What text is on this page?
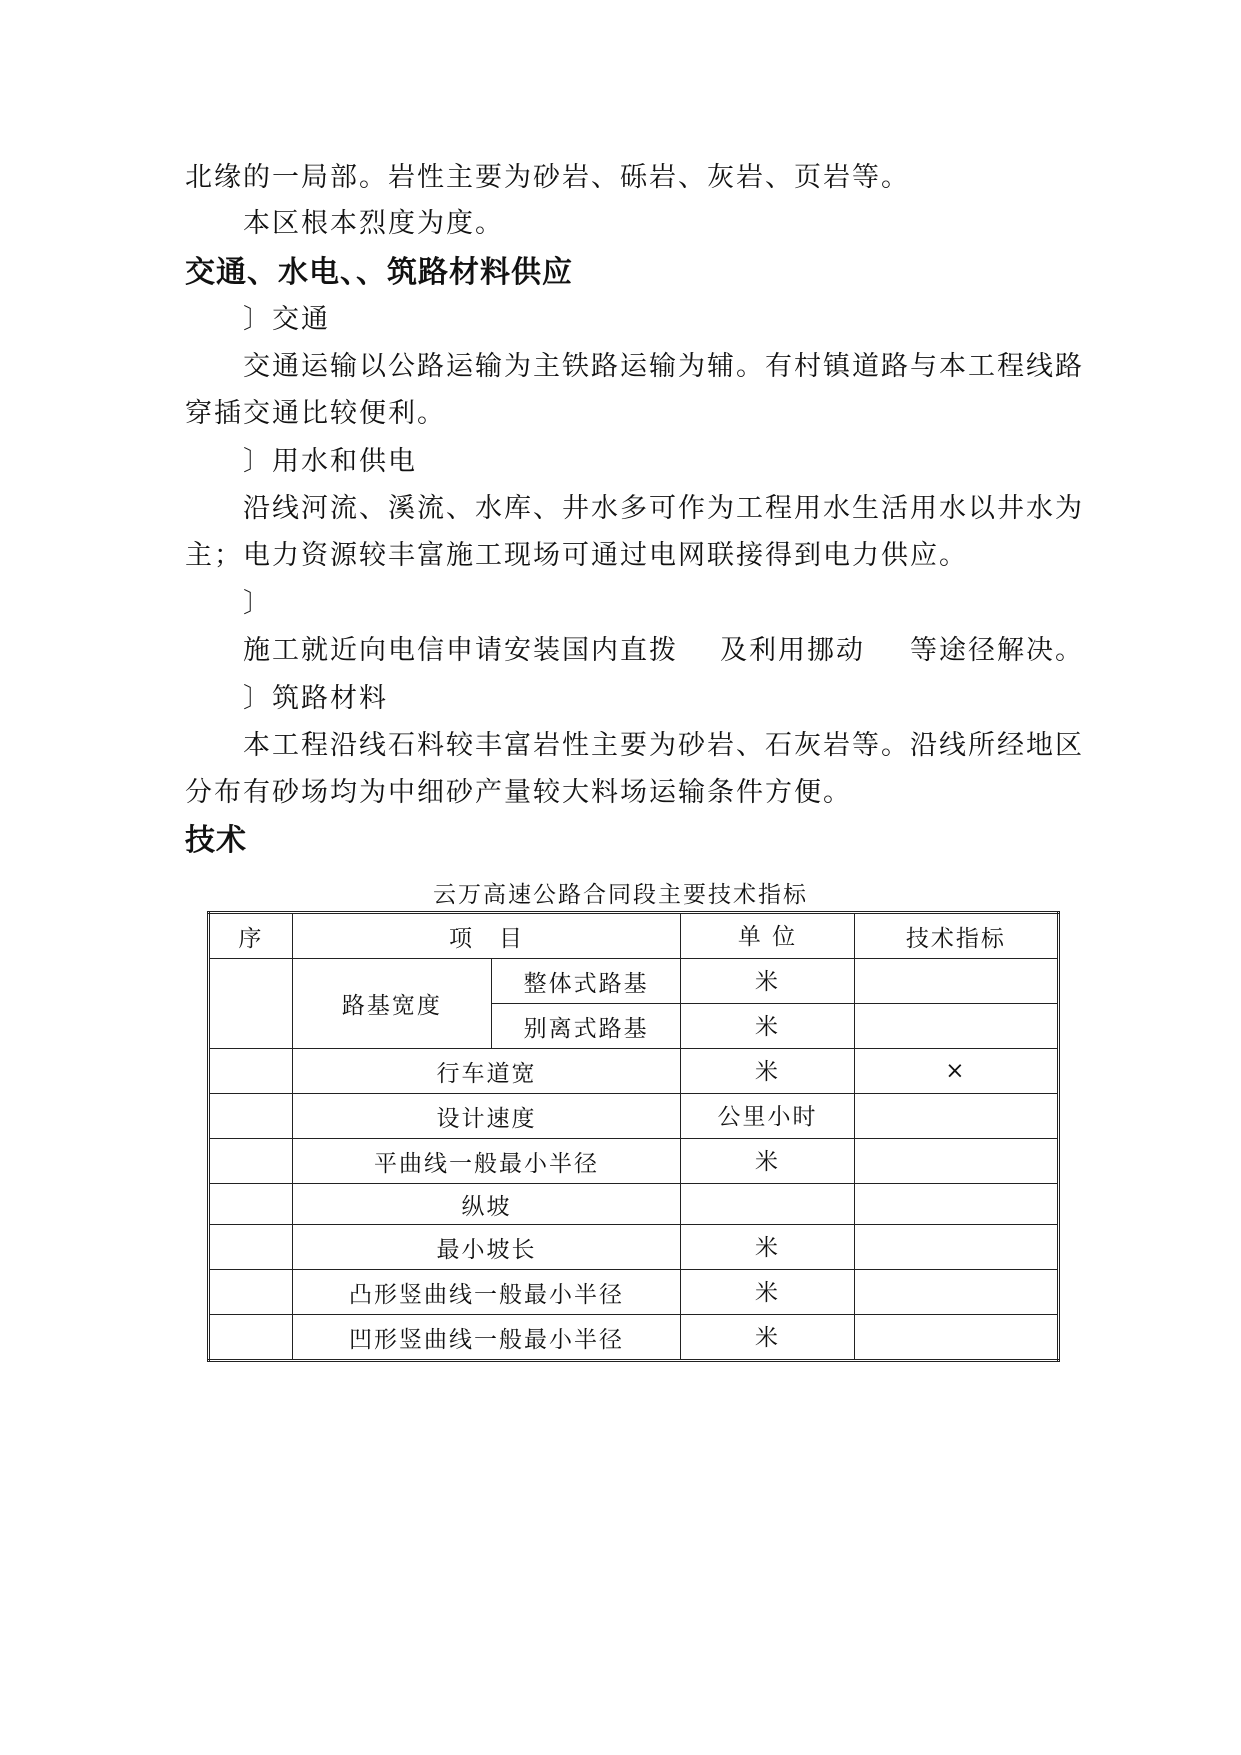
北缘的一局部。岩性主要为砂岩、砾岩、灰岩、页岩等。
本区根本烈度为度。
交通、水电、、筑路材料供应
〕交通
交通运输以公路运输为主铁路运输为辅。有村镇道路与本工程线路
穿插交通比较便利。
〕用水和供电
沿线河流、溪流、水库、井水多可作为工程用水生活用水以井水为
主；电力资源较丰富施工现场可通过电网联接得到电力供应。
〕
施工就近向电信申请安装国内直拨 及利用挪动 等途径解决。
〕筑路材料
本工程沿线石料较丰富岩性主要为砂岩、石灰岩等。沿线所经地区
分布有砂场均为中细砂产量较大料场运输条件方便。
技术
云万高速公路合同段主要技术指标
序	项　目		单 位	技术指标
	路基宽度	整体式路基	米	
		别离式路基	米	
	行车道宽		米	×
	设计速度		公里小时	
	平曲线一般最小半径		米	
	纵坡			
	最小坡长		米	
	凸形竖曲线一般最小半径		米	
	凹形竖曲线一般最小半径		米	
